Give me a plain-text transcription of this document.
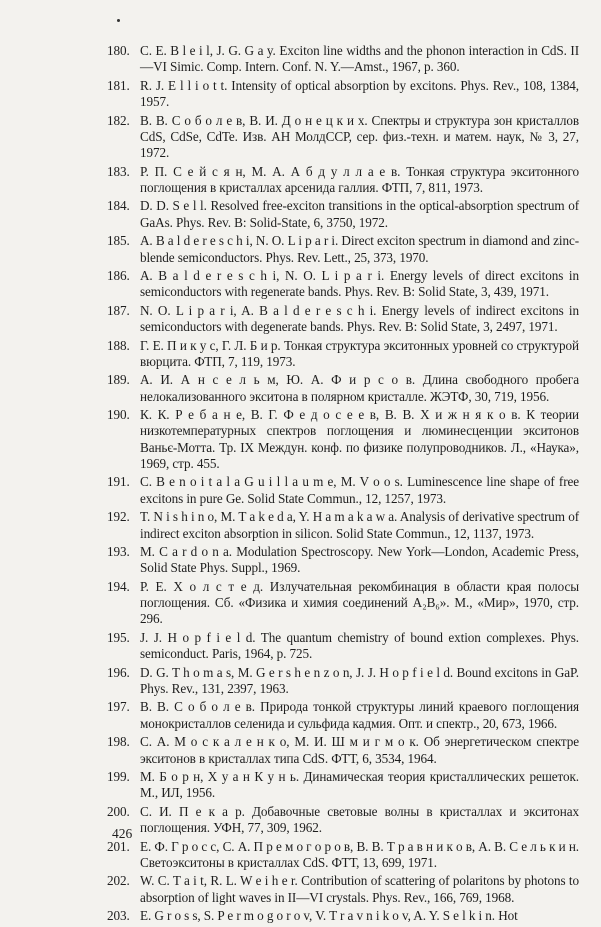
180. C. E. B l e i l, J. G. G a y. Exciton line widths and the phonon interaction in CdS. II—VI Simic. Comp. Intern. Conf. N. Y.—Amst., 1967, p. 360.
181. R. J. E l l i o t t. Intensity of optical absorption by excitons. Phys. Rev., 108, 1384, 1957.
182. В. В. С о б о л е в, В. И. Д о н е ц к и х. Спектры и структура зон кристаллов CdS, CdSe, CdTe. Изв. АН МолдССР, сер. физ.-техн. и матем. наук, № 3, 27, 1972.
183. Р. П. С е й с я н, М. А. А б д у л л а е в. Тонкая структура экситонного поглощения в кристаллах арсенида галлия. ФТП, 7, 811, 1973.
184. D. D. S e l l. Resolved free-exciton transitions in the optical-absorption spectrum of GaAs. Phys. Rev. B: Solid-State, 6, 3750, 1972.
185. A. B a l d e r e s c h i, N. O. L i p a r i. Direct exciton spectrum in diamond and zinc-blende semiconductors. Phys. Rev. Lett., 25, 373, 1970.
186. A. B a l d e r e s c h i, N. O. L i p a r i. Energy levels of direct excitons in semiconductors with regenerate bands. Phys. Rev. B: Solid State, 3, 439, 1971.
187. N. O. L i p a r i, A. B a l d e r e s c h i. Energy levels of indirect excitons in semiconductors with degenerate bands. Phys. Rev. B: Solid State, 3, 2497, 1971.
188. Г. Е. П и к у с, Г. Л. Б и р. Тонкая структура экситонных уровней со структурой вюрцита. ФТП, 7, 119, 1973.
189. А. И. А н с е л ь м, Ю. А. Ф и р с о в. Длина свободного пробега нелокализованного экситона в полярном кристалле. ЖЭТФ, 30, 719, 1956.
190. К. К. Р е б а н е, В. Г. Ф е д о с е е в, В. В. Х и ж н я к о в. К теории низкотемпературных спектров поглощения и люминесценции экситонов Ваньє-Мотта. Тр. IX Междун. конф. по физике полупроводников. Л., «Наука», 1969, стр. 455.
191. C. B e n o i t a l a G u i l l a u m e, M. V o o s. Luminescence line shape of free excitons in pure Ge. Solid State Commun., 12, 1257, 1973.
192. T. N i s h i n o, M. T a k e d a, Y. H a m a k a w a. Analysis of derivative spectrum of indirect exciton absorption in silicon. Solid State Commun., 12, 1137, 1973.
193. M. C a r d o n a. Modulation Spectroscopy. New York—London, Academic Press, Solid State Phys. Suppl., 1969.
194. Р. Е. Х о л с т е д. Излучательная рекомбинация в области края полосы поглощения. Сб. «Физика и химия соединений A₂B₆». М., «Мир», 1970, стр. 296.
195. J. J. H o p f i e l d. The quantum chemistry of bound extion complexes. Phys. semiconduct. Paris, 1964, p. 725.
196. D. G. T h o m a s, M. G e r s h e n z o n, J. J. H o p f i e l d. Bound excitons in GaP. Phys. Rev., 131, 2397, 1963.
197. В. В. С о б о л е в. Природа тонкой структуры линий краевого поглощения монокристаллов селенида и сульфида кадмия. Опт. и спектр., 20, 673, 1966.
198. С. А. М о с к а л е н к о, М. И. Ш м и г м о к. Об энергетическом спектре экситонов в кристаллах типа CdS. ФТТ, 6, 3534, 1964.
199. М. Б о р н, Х у а н К у н ь. Динамическая теория кристаллических решеток. М., ИЛ, 1956.
200. С. И. П е к а р. Добавочные световые волны в кристаллах и экситонах поглощения. УФН, 77, 309, 1962.
201. Е. Ф. Г р о с с, С. А. П р е м о г о р о в, В. В. Т р а в н и к о в, А. В. С е л ь к и н. Светоэкситоны в кристаллах CdS. ФТТ, 13, 699, 1971.
202. W. C. T a i t, R. L. W e i h e r. Contribution of scattering of polaritons by photons to absorption of light waves in II—VI crystals. Phys. Rev., 166, 769, 1968.
203. E. G r o s s, S. P e r m o g o r o v, V. T r a v n i k o v, A. Y. S e l k i n. Hot
426
